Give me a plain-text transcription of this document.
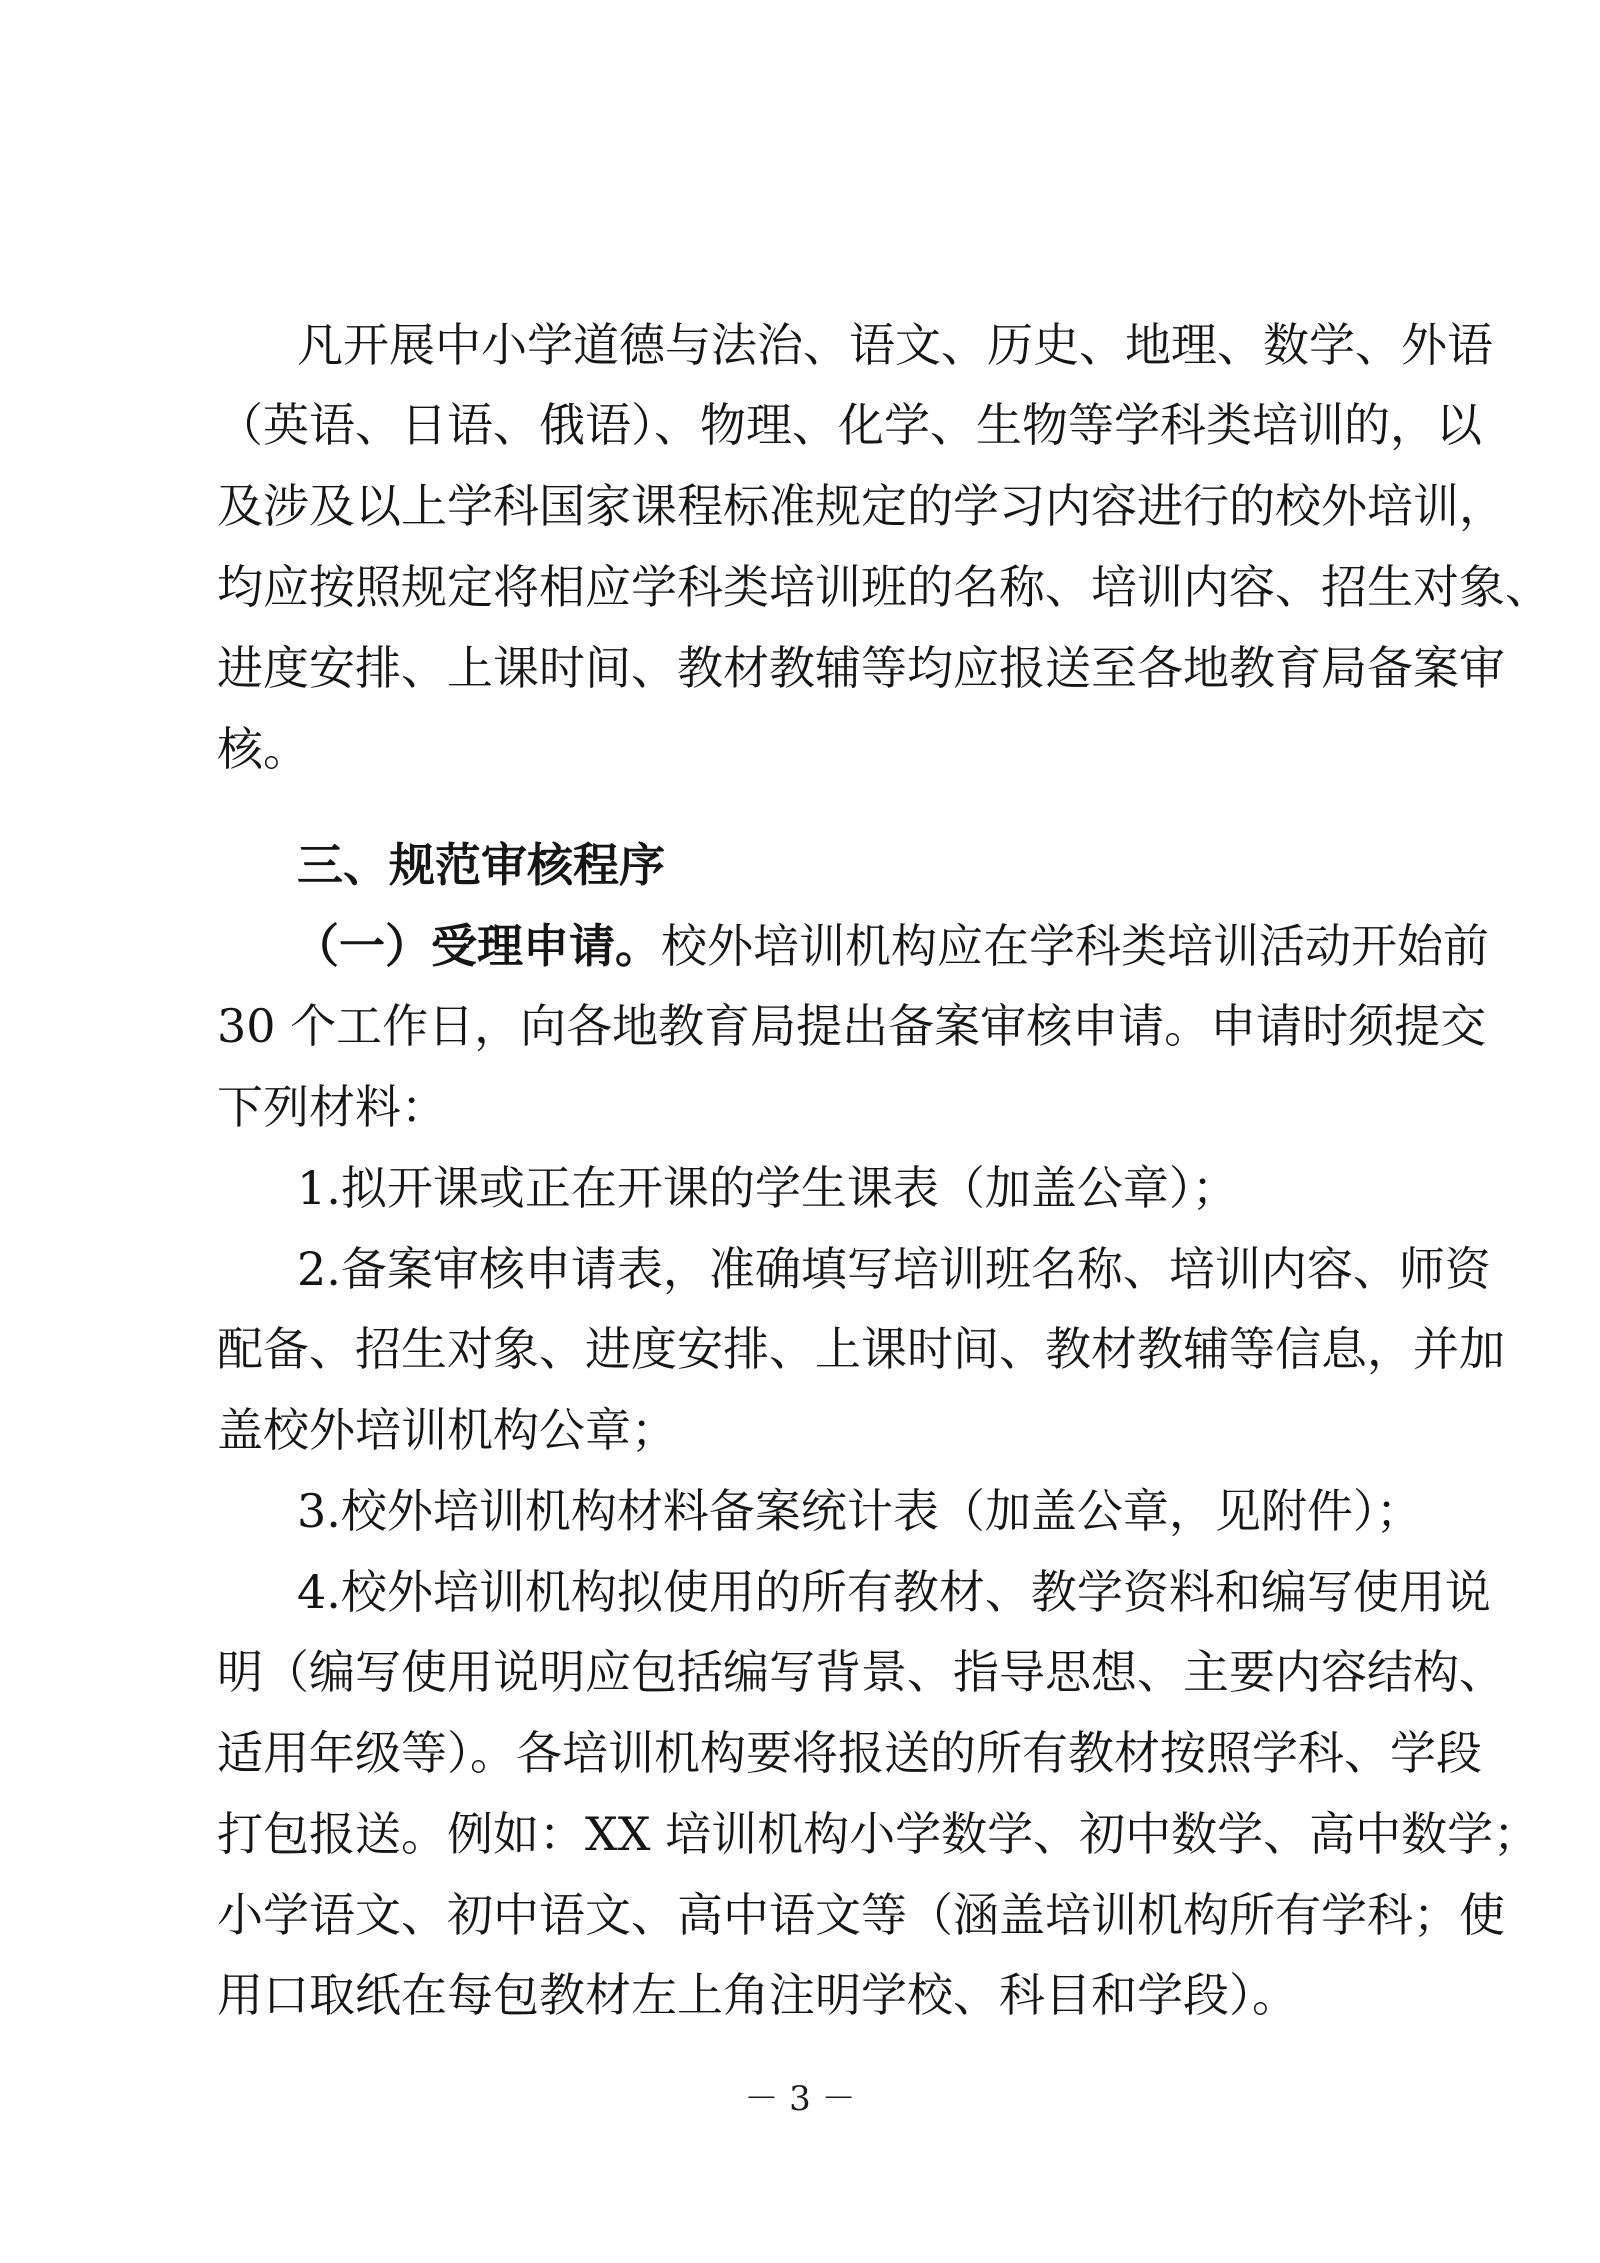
凡开展中小学道德与法治、语文、历史、地理、数学、外语
（英语、日语、俄语）、物理、化学、生物等学科类培训的，以
及涉及以上学科国家课程标准规定的学习内容进行的校外培训，
均应按照规定将相应学科类培训班的名称、培训内容、招生对象、
进度安排、上课时间、教材教辅等均应报送至各地教育局备案审
核。
三、规范审核程序
（一）受理申请。校外培训机构应在学科类培训活动开始前
30 个工作日，向各地教育局提出备案审核申请。申请时须提交
下列材料：
1.拟开课或正在开课的学生课表（加盖公章）；
2.备案审核申请表，准确填写培训班名称、培训内容、师资
配备、招生对象、进度安排、上课时间、教材教辅等信息，并加
盖校外培训机构公章；
3.校外培训机构材料备案统计表（加盖公章，见附件）；
4.校外培训机构拟使用的所有教材、教学资料和编写使用说
明（编写使用说明应包括编写背景、指导思想、主要内容结构、
适用年级等）。各培训机构要将报送的所有教材按照学科、学段
打包报送。例如：XX 培训机构小学数学、初中数学、高中数学；
小学语文、初中语文、高中语文等（涵盖培训机构所有学科；使
用口取纸在每包教材左上角注明学校、科目和学段）。
－ 3 －
